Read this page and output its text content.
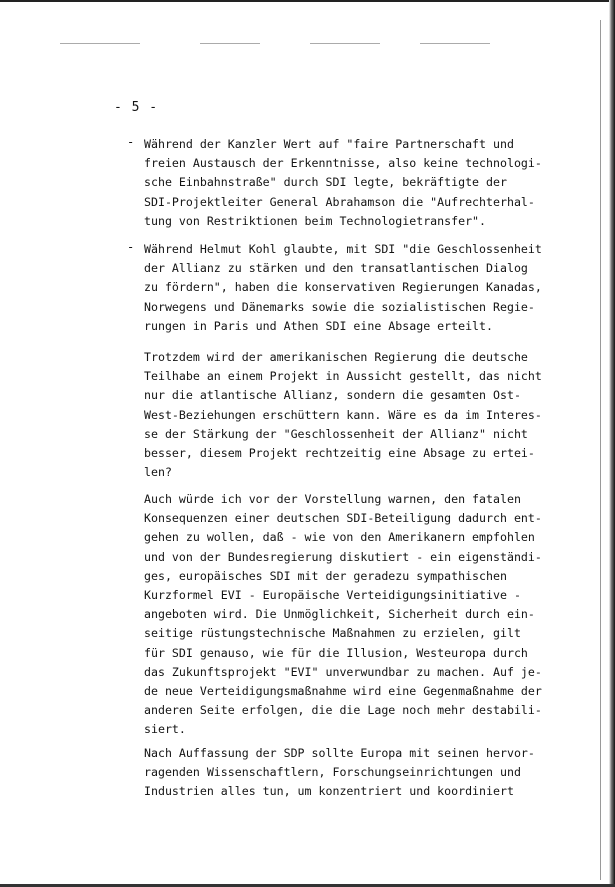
- 5 -
- Während der Kanzler Wert auf "faire Partnerschaft und
freien Austausch der Erkenntnisse, also keine technologi-
sche Einbahnstraße" durch SDI legte, bekräftigte der
SDI-Projektleiter General Abrahamson die "Aufrechterhal-
tung von Restriktionen beim Technologietransfer".
- Während Helmut Kohl glaubte, mit SDI "die Geschlossenheit
der Allianz zu stärken und den transatlantischen Dialog
zu fördern", haben die konservativen Regierungen Kanadas,
Norwegens und Dänemarks sowie die sozialistischen Regie-
rungen in Paris und Athen SDI eine Absage erteilt.
Trotzdem wird der amerikanischen Regierung die deutsche
Teilhabe an einem Projekt in Aussicht gestellt, das nicht
nur die atlantische Allianz, sondern die gesamten Ost-
West-Beziehungen erschüttern kann. Wäre es da im Interes-
se der Stärkung der "Geschlossenheit der Allianz" nicht
besser, diesem Projekt rechtzeitig eine Absage zu ertei-
len?
Auch würde ich vor der Vorstellung warnen, den fatalen
Konsequenzen einer deutschen SDI-Beteiligung dadurch ent-
gehen zu wollen, daß - wie von den Amerikanern empfohlen
und von der Bundesregierung diskutiert - ein eigenständi-
ges, europäisches SDI mit der geradezu sympathischen
Kurzformel EVI - Europäische Verteidigungsinitiative -
angeboten wird. Die Unmöglichkeit, Sicherheit durch ein-
seitige rüstungstechnische Maßnahmen zu erzielen, gilt
für SDI genauso, wie für die Illusion, Westeuropa durch
das Zukunftsprojekt "EVI" unverwundbar zu machen. Auf je-
de neue Verteidigungsmaßnahme wird eine Gegenmaßnahme der
anderen Seite erfolgen, die die Lage noch mehr destabili-
siert.
Nach Auffassung der SDP sollte Europa mit seinen hervor-
ragenden Wissenschaftlern, Forschungseinrichtungen und
Industrien alles tun, um konzentriert und koordiniert
